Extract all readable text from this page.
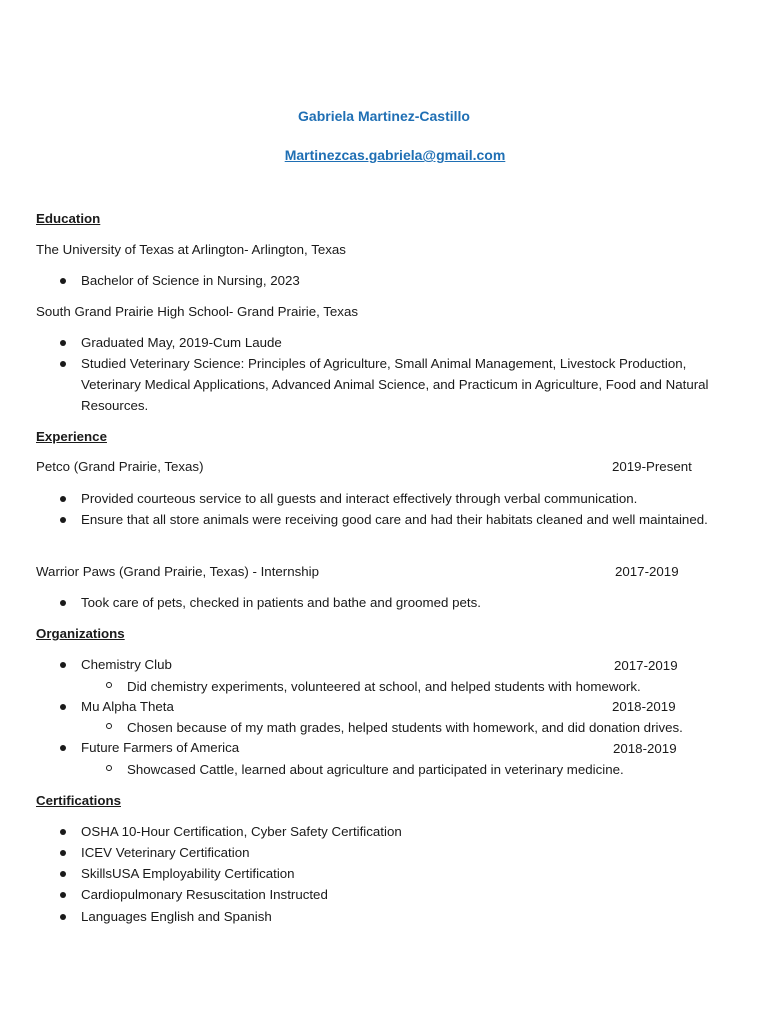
Gabriela Martinez-Castillo
Martinezcas.gabriela@gmail.com
Education
The University of Texas at Arlington- Arlington, Texas
Bachelor of Science in Nursing, 2023
South Grand Prairie High School- Grand Prairie, Texas
Graduated May, 2019-Cum Laude
Studied Veterinary Science: Principles of Agriculture, Small Animal Management, Livestock Production, Veterinary Medical Applications, Advanced Animal Science, and Practicum in Agriculture, Food and Natural Resources.
Experience
Petco (Grand Prairie, Texas)	2019-Present
Provided courteous service to all guests and interact effectively through verbal communication.
Ensure that all store animals were receiving good care and had their habitats cleaned and well maintained.
Warrior Paws (Grand Prairie, Texas) - Internship	2017-2019
Took care of pets, checked in patients and bathe and groomed pets.
Organizations
Chemistry Club	2017-2019
Did chemistry experiments, volunteered at school, and helped students with homework.
Mu Alpha Theta	2018-2019
Chosen because of my math grades, helped students with homework, and did donation drives.
Future Farmers of America	2018-2019
Showcased Cattle, learned about agriculture and participated in veterinary medicine.
Certifications
OSHA 10-Hour Certification, Cyber Safety Certification
ICEV Veterinary Certification
SkillsUSA Employability Certification
Cardiopulmonary Resuscitation Instructed
Languages English and Spanish
